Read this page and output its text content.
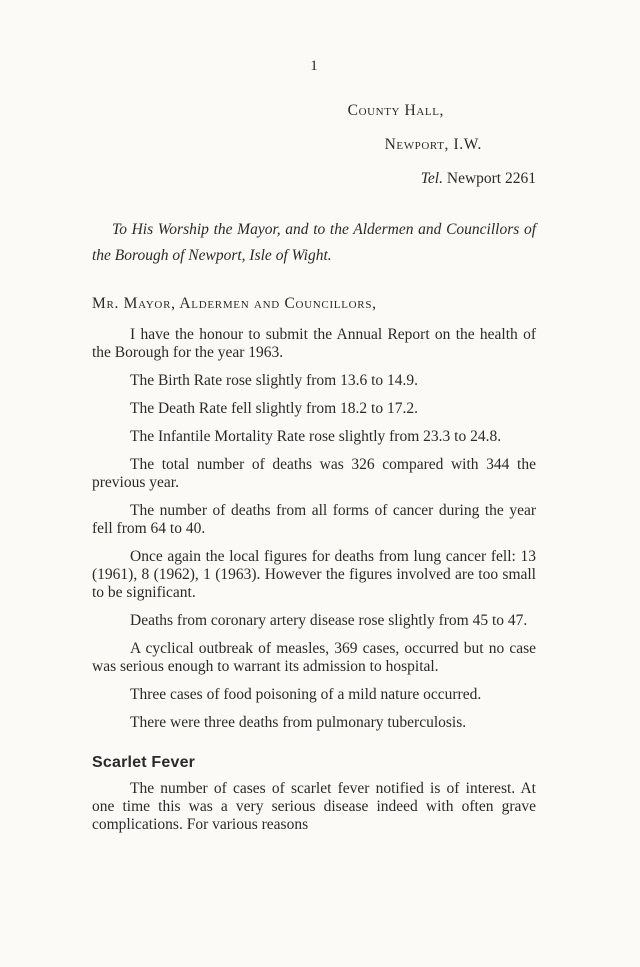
1
County Hall,
Newport, I.W.
Tel. Newport 2261
To His Worship the Mayor, and to the Aldermen and Councillors of the Borough of Newport, Isle of Wight.
Mr. Mayor, Aldermen and Councillors,

I have the honour to submit the Annual Report on the health of the Borough for the year 1963.

The Birth Rate rose slightly from 13.6 to 14.9.

The Death Rate fell slightly from 18.2 to 17.2.

The Infantile Mortality Rate rose slightly from 23.3 to 24.8.

The total number of deaths was 326 compared with 344 the previous year.

The number of deaths from all forms of cancer during the year fell from 64 to 40.

Once again the local figures for deaths from lung cancer fell: 13 (1961), 8 (1962), 1 (1963). However the figures involved are too small to be significant.

Deaths from coronary artery disease rose slightly from 45 to 47.

A cyclical outbreak of measles, 369 cases, occurred but no case was serious enough to warrant its admission to hospital.

Three cases of food poisoning of a mild nature occurred.

There were three deaths from pulmonary tuberculosis.

Scarlet Fever

The number of cases of scarlet fever notified is of interest. At one time this was a very serious disease indeed with often grave complications. For various reasons
